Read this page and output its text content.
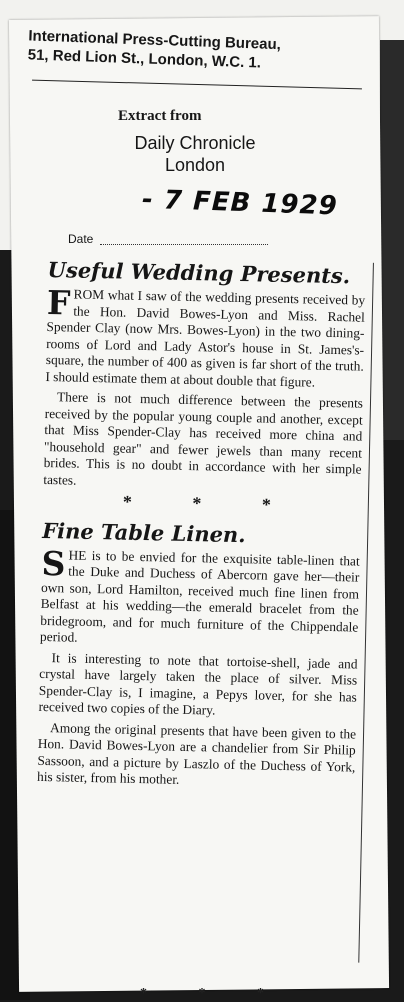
International Press-Cutting Bureau,
51, Red Lion St., London, W.C. 1.
Extract from
Daily Chronicle
London
- 7 FEB 1929
Date
Useful Wedding Presents.

FROM what I saw of the wedding presents received by the Hon. David Bowes-Lyon and Miss. Rachel Spender Clay (now Mrs. Bowes-Lyon) in the two dining-rooms of Lord and Lady Astor's house in St. James's-square, the number of 400 as given is far short of the truth. I should estimate them at about double that figure.

There is not much difference between the presents received by the popular young couple and another, except that Miss Spender-Clay has received more china and "household gear" and fewer jewels than many recent brides. This is no doubt in accordance with her simple tastes.

* * *
Fine Table Linen.

SHE is to be envied for the exquisite table-linen that the Duke and Duchess of Abercorn gave her—their own son, Lord Hamilton, received much fine linen from Belfast at his wedding—the emerald bracelet from the bridegroom, and for much furniture of the Chippendale period.

It is interesting to note that tortoise-shell, jade and crystal have largely taken the place of silver. Miss Spender-Clay is, I imagine, a Pepys lover, for she has received two copies of the Diary.

Among the original presents that have been given to the Hon. David Bowes-Lyon are a chandelier from Sir Philip Sassoon, and a picture by Laszlo of the Duchess of York, his sister, from his mother.

* * *
